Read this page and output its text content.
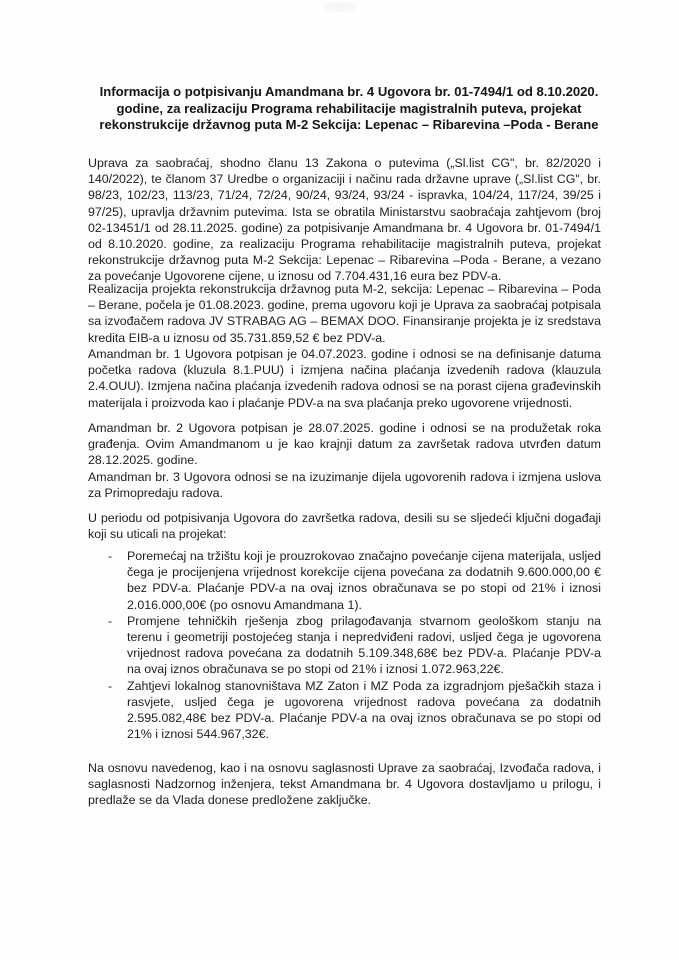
Informacija o potpisivanju Amandmana br. 4 Ugovora br. 01-7494/1 od 8.10.2020. godine, za realizaciju Programa rehabilitacije magistralnih puteva, projekat rekonstrukcije državnog puta M-2 Sekcija: Lepenac – Ribarevina –Poda - Berane
Uprava za saobraćaj, shodno članu 13 Zakona o putevima („Sl.list CG", br. 82/2020 i 140/2022), te članom 37 Uredbe o organizaciji i načinu rada državne uprave („Sl.list CG", br. 98/23, 102/23, 113/23, 71/24, 72/24, 90/24, 93/24, 93/24 - ispravka, 104/24, 117/24, 39/25 i 97/25), upravlja državnim putevima. Ista se obratila Ministarstvu saobraćaja zahtjevom (broj 02-13451/1 od 28.11.2025. godine) za potpisivanje Amandmana br. 4 Ugovora br. 01-7494/1 od 8.10.2020. godine, za realizaciju Programa rehabilitacije magistralnih puteva, projekat rekonstrukcije državnog puta M-2 Sekcija: Lepenac – Ribarevina –Poda - Berane, a vezano za povećanje Ugovorene cijene, u iznosu od 7.704.431,16 eura bez PDV-a.
Realizacija projekta rekonstrukcija državnog puta M-2, sekcija: Lepenac – Ribarevina – Poda – Berane, počela je 01.08.2023. godine, prema ugovoru koji je Uprava za saobraćaj potpisala sa izvođačem radova JV STRABAG AG – BEMAX DOO. Finansiranje projekta je iz sredstava kredita EIB-a u iznosu od 35.731.859,52 € bez PDV-a.
Amandman br. 1 Ugovora potpisan je 04.07.2023. godine i odnosi se na definisanje datuma početka radova (kluzula 8.1.PUU) i izmjena načina plaćanja izvedenih radova (klauzula 2.4.OUU). Izmjena načina plaćanja izvedenih radova odnosi se na porast cijena građevinskih materijala i proizvoda kao i plaćanje PDV-a na sva plaćanja preko ugovorene vrijednosti.
Amandman br. 2 Ugovora potpisan je 28.07.2025. godine i odnosi se na produžetak roka građenja. Ovim Amandmanom u je kao krajnji datum za završetak radova utvrđen datum 28.12.2025. godine.
Amandman br. 3 Ugovora odnosi se na izuzimanje dijela ugovorenih radova i izmjena uslova za Primopredaju radova.
U periodu od potpisivanja Ugovora do završetka radova, desili su se sljedeći ključni događaji koji su uticali na projekat:
- Poremećaj na tržištu koji je prouzrokovao značajno povećanje cijena materijala, usljed čega je procijenjena vrijednost korekcije cijena povećana za dodatnih 9.600.000,00 € bez PDV-a. Plaćanje PDV-a na ovaj iznos obračunava se po stopi od 21% i iznosi 2.016.000,00€ (po osnovu Amandmana 1).
- Promjene tehničkih rješenja zbog prilagođavanja stvarnom geološkom stanju na terenu i geometriji postojećeg stanja i nepredviđeni radovi, usljed čega je ugovorena vrijednost radova povećana za dodatnih 5.109.348,68€ bez PDV-a. Plaćanje PDV-a na ovaj iznos obračunava se po stopi od 21% i iznosi 1.072.963,22€.
- Zahtjevi lokalnog stanovništava MZ Zaton i MZ Poda za izgradnjom pješačkih staza i rasvjete, usljed čega je ugovorena vrijednost radova povećana za dodatnih 2.595.082,48€ bez PDV-a. Plaćanje PDV-a na ovaj iznos obračunava se po stopi od 21% i iznosi 544.967,32€.
Na osnovu navedenog, kao i na osnovu saglasnosti Uprave za saobraćaj, Izvođača radova, i saglasnosti Nadzornog inženjera, tekst Amandmana br. 4 Ugovora dostavljamo u prilogu, i predlaže se da Vlada donese predložene zaključke.
